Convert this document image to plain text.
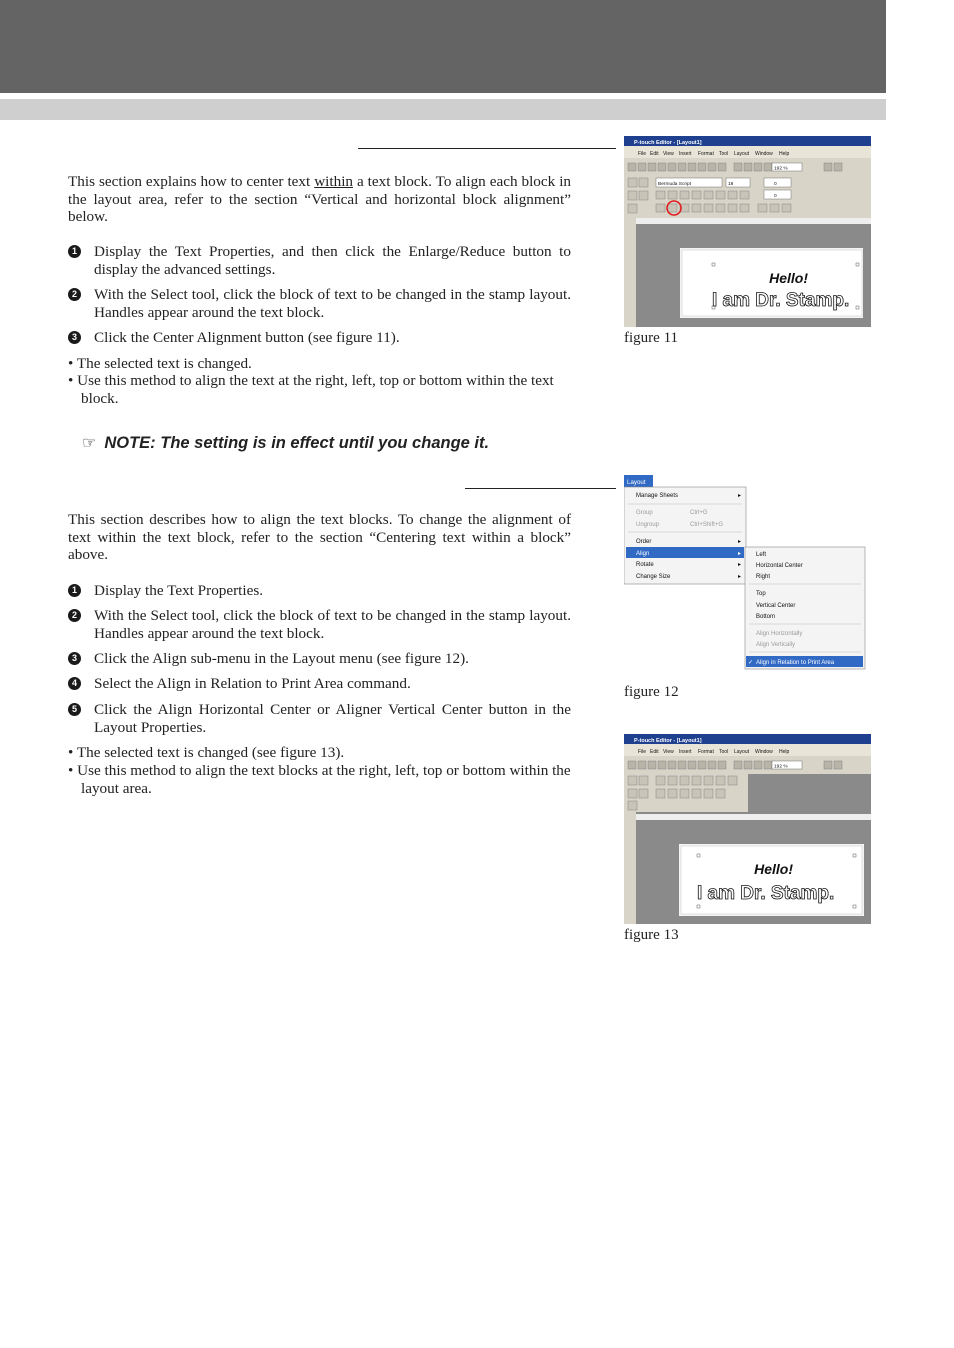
This section explains how to center text within a text block. To align each block in the layout area, refer to the section “Vertical and horizontal block alignment” below.

1 Display the Text Properties, and then click the Enlarge/Reduce button to display the advanced settings.
2 With the Select tool, click the block of text to be changed in the stamp layout. Handles appear around the text block.
3 Click the Center Alignment button (see figure 11).
• The selected text is changed.
• Use this method to align the text at the right, left, top or bottom within the text block.
☞ NOTE: The setting is in effect until you change it.

This section describes how to align the text blocks. To change the alignment of text within the text block, refer to the section “Centering text within a block” above.

1 Display the Text Properties.
2 With the Select tool, click the block of text to be changed in the stamp layout. Handles appear around the text block.
3 Click the Align sub-menu in the Layout menu (see figure 12).
4 Select the Align in Relation to Print Area command.
5 Click the Align Horizontal Center or Aligner Vertical Center button in the Layout Properties.
• The selected text is changed (see figure 13).
• Use this method to align the text blocks at the right, left, top or bottom within the layout area.
P-touch Editor - [Layout1]
File Edit View Insert Format Tool Layout Window Help
192 %
Bermuda Script	18	0
0
Hello!
I am Dr. Stamp.
figure 11
Layout
Manage Sheets	▸
Group	Ctrl+G
Ungroup	Ctrl+Shift+G
Order	▸
Align	▸
Rotate	▸
Change Size	▸
Left
Horizontal Center
Right
Top
Vertical Center
Bottom
Align Horizontally
Align Vertically
✓ Align in Relation to Print Area
figure 12
P-touch Editor - [Layout1]
File Edit View Insert Format Tool Layout Window Help
192 %
Hello!
I am Dr. Stamp.
figure 13
